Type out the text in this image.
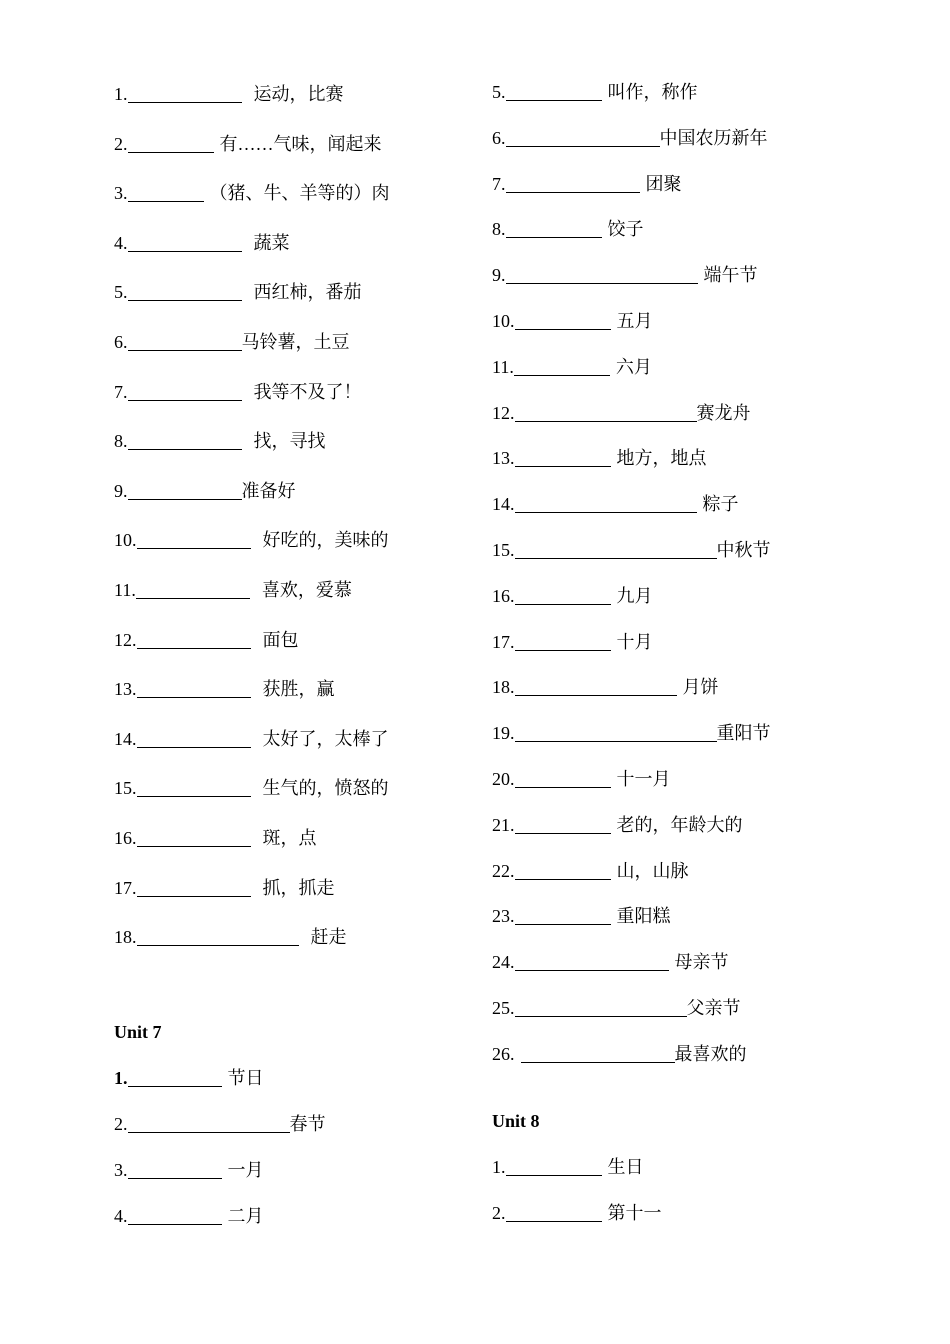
1.	运动，比赛
2.	有……气味，闻起来
3.	（猪、牛、羊等的）肉
4.	蔬菜
5.	西红柿，番茄
6.	马铃薯，土豆
7.	我等不及了！
8.	找，寻找
9.	准备好
10.	好吃的，美味的
11.	喜欢，爱慕
12.	面包
13.	获胜，赢
14.	太好了，太棒了
15.	生气的，愤怒的
16.	斑，点
17.	抓，抓走
18.	赶走
Unit 7
1.	节日
2.	春节
3.	一月
4.	二月
5.	叫作，称作
6.	中国农历新年
7.	团聚
8.	饺子
9.	端午节
10.	五月
11.	六月
12.	赛龙舟
13.	地方，地点
14.	粽子
15.	中秋节
16.	九月
17.	十月
18.	月饼
19.	重阳节
20.	十一月
21.	老的，年龄大的
22.	山，山脉
23.	重阳糕
24.	母亲节
25.	父亲节
26.	最喜欢的
Unit 8
1.	生日
2.	第十一
